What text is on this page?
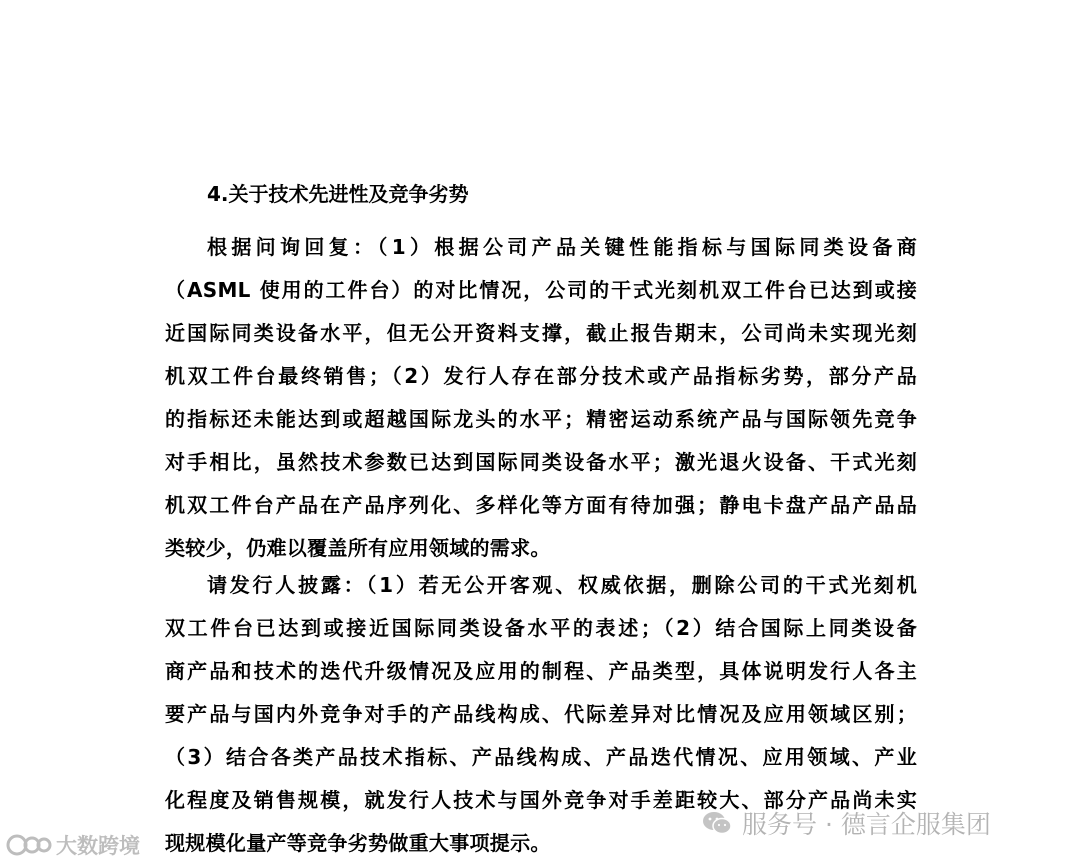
4.关于技术先进性及竞争劣势
根据问询回复：（1）根据公司产品关键性能指标与国际同类设备商
（ASML 使用的工件台）的对比情况，公司的干式光刻机双工件台已达到或接
近国际同类设备水平，但无公开资料支撑，截止报告期末，公司尚未实现光刻
机双工件台最终销售；（2）发行人存在部分技术或产品指标劣势，部分产品
的指标还未能达到或超越国际龙头的水平；精密运动系统产品与国际领先竞争
对手相比，虽然技术参数已达到国际同类设备水平；激光退火设备、干式光刻
机双工件台产品在产品序列化、多样化等方面有待加强；静电卡盘产品产品品
类较少，仍难以覆盖所有应用领域的需求。
请发行人披露：（1）若无公开客观、权威依据，删除公司的干式光刻机
双工件台已达到或接近国际同类设备水平的表述；（2）结合国际上同类设备
商产品和技术的迭代升级情况及应用的制程、产品类型，具体说明发行人各主
要产品与国内外竞争对手的产品线构成、代际差异对比情况及应用领域区别；
（3）结合各类产品技术指标、产品线构成、产品迭代情况、应用领域、产业
化程度及销售规模，就发行人技术与国外竞争对手差距较大、部分产品尚未实
现规模化量产等竞争劣势做重大事项提示。
大数跨境
服务号 · 德言企服集团
